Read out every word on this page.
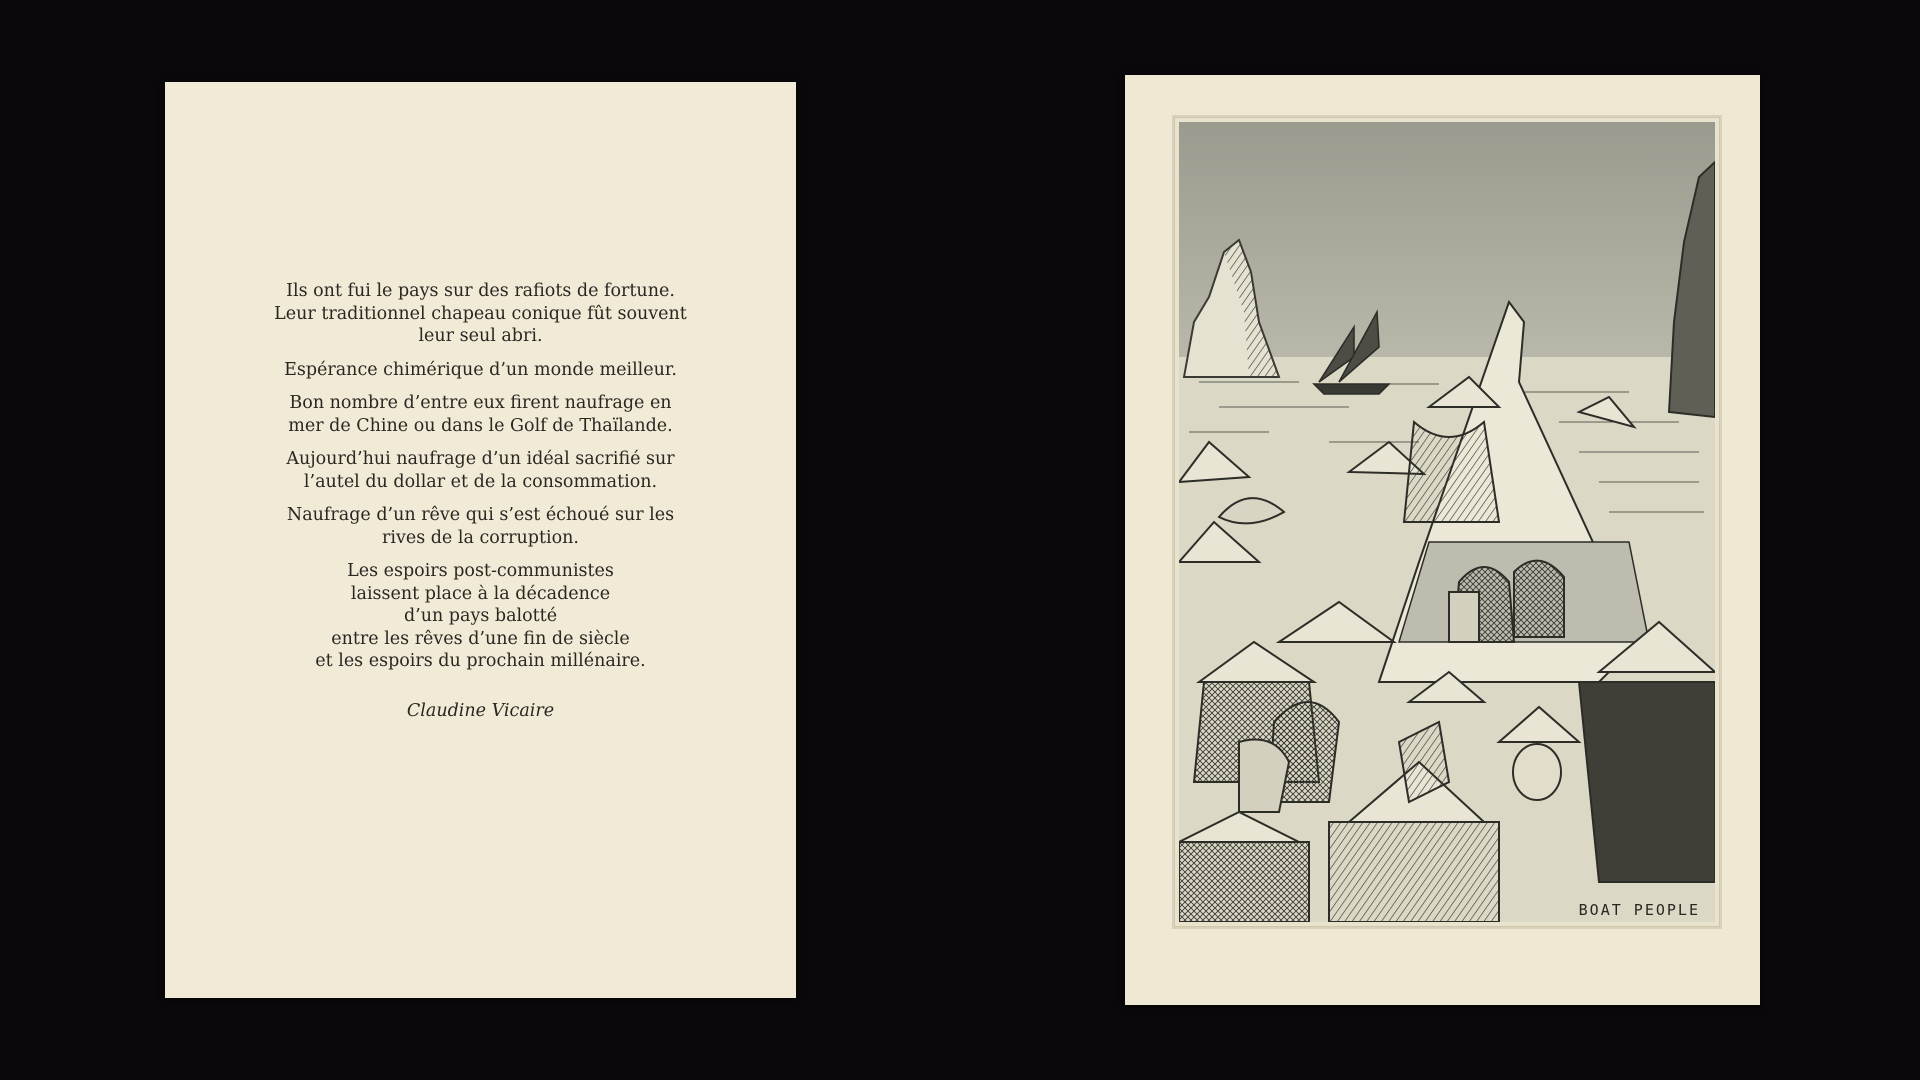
Ils ont fui le pays sur des rafiots de fortune.
Leur traditionnel chapeau conique fût souvent
leur seul abri.
Espérance chimérique d’un monde meilleur.
Bon nombre d’entre eux firent naufrage en
mer de Chine ou dans le Golf de Thaïlande.
Aujourd’hui naufrage d’un idéal sacrifié sur
l’autel du dollar et de la consommation.
Naufrage d’un rêve qui s’est échoué sur les
rives de la corruption.
Les espoirs post-communistes
laissent place à la décadence
d’un pays balotté
entre les rêves d’une fin de siècle
et les espoirs du prochain millénaire.
Claudine Vicaire
BOAT PEOPLE
